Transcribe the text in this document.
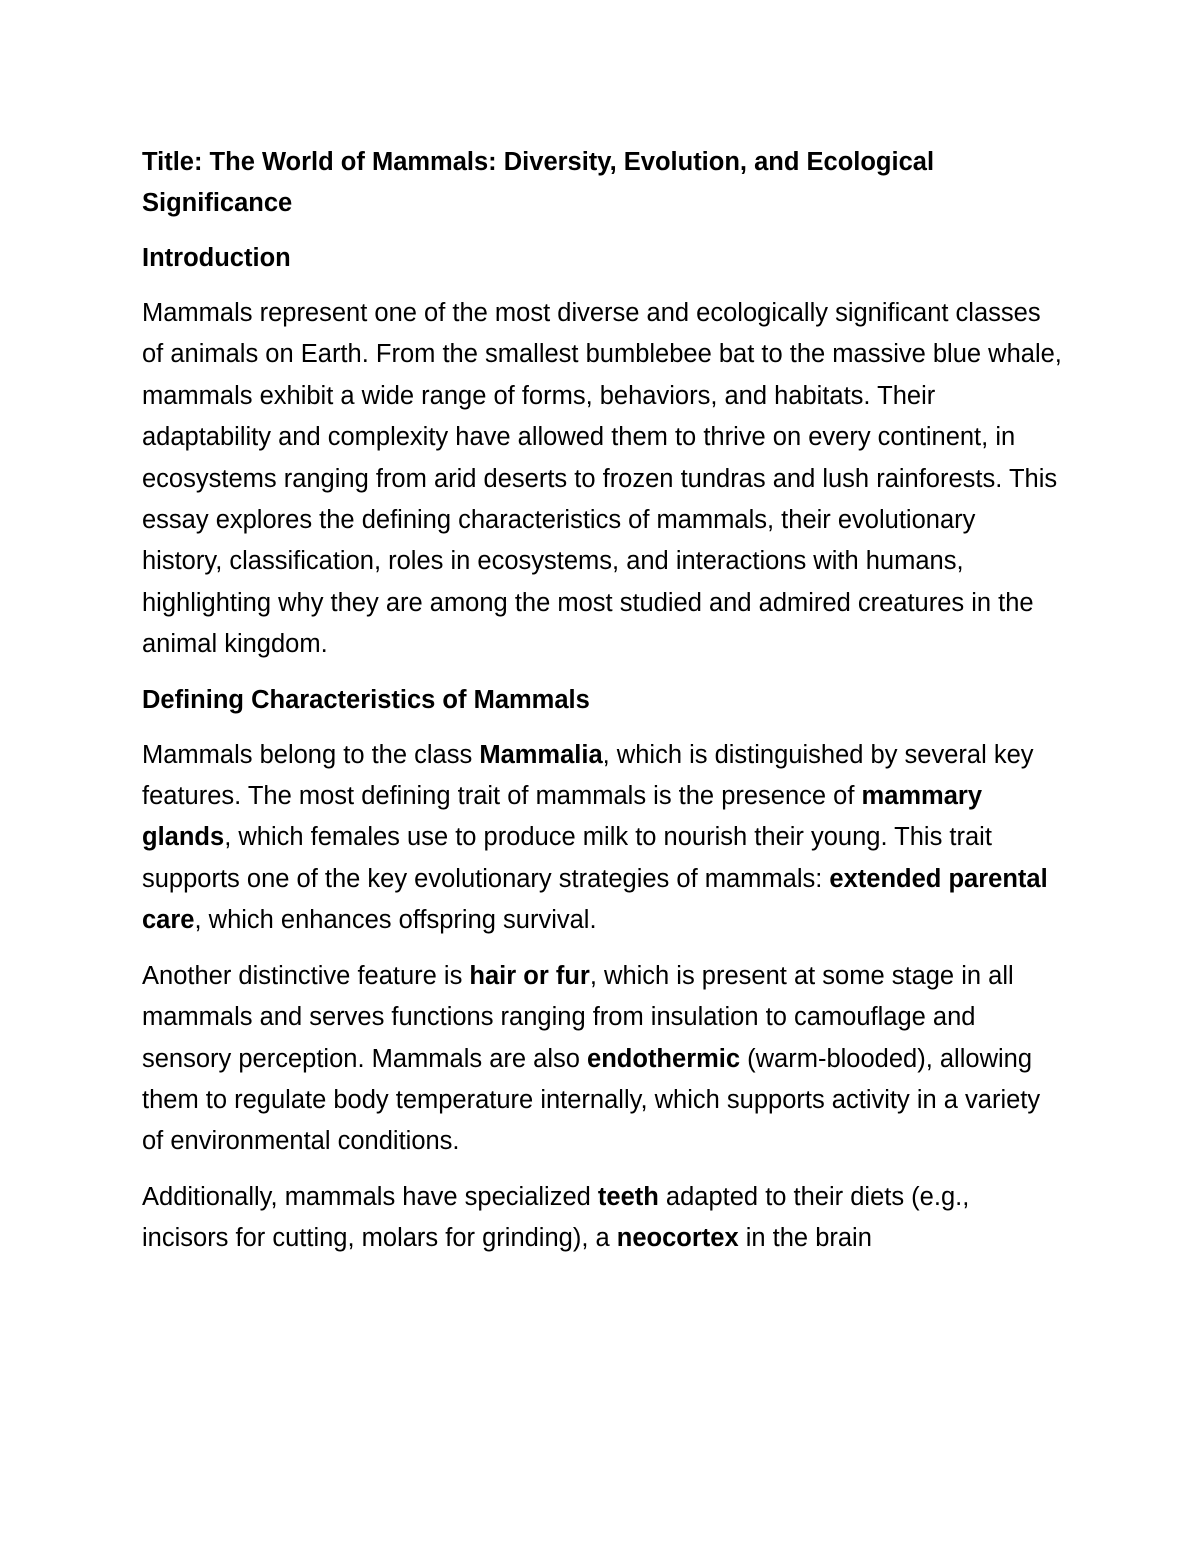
Title: The World of Mammals: Diversity, Evolution, and Ecological Significance
Introduction
Mammals represent one of the most diverse and ecologically significant classes of animals on Earth. From the smallest bumblebee bat to the massive blue whale, mammals exhibit a wide range of forms, behaviors, and habitats. Their adaptability and complexity have allowed them to thrive on every continent, in ecosystems ranging from arid deserts to frozen tundras and lush rainforests. This essay explores the defining characteristics of mammals, their evolutionary history, classification, roles in ecosystems, and interactions with humans, highlighting why they are among the most studied and admired creatures in the animal kingdom.
Defining Characteristics of Mammals
Mammals belong to the class Mammalia, which is distinguished by several key features. The most defining trait of mammals is the presence of mammary glands, which females use to produce milk to nourish their young. This trait supports one of the key evolutionary strategies of mammals: extended parental care, which enhances offspring survival.
Another distinctive feature is hair or fur, which is present at some stage in all mammals and serves functions ranging from insulation to camouflage and sensory perception. Mammals are also endothermic (warm-blooded), allowing them to regulate body temperature internally, which supports activity in a variety of environmental conditions.
Additionally, mammals have specialized teeth adapted to their diets (e.g., incisors for cutting, molars for grinding), a neocortex in the brain
